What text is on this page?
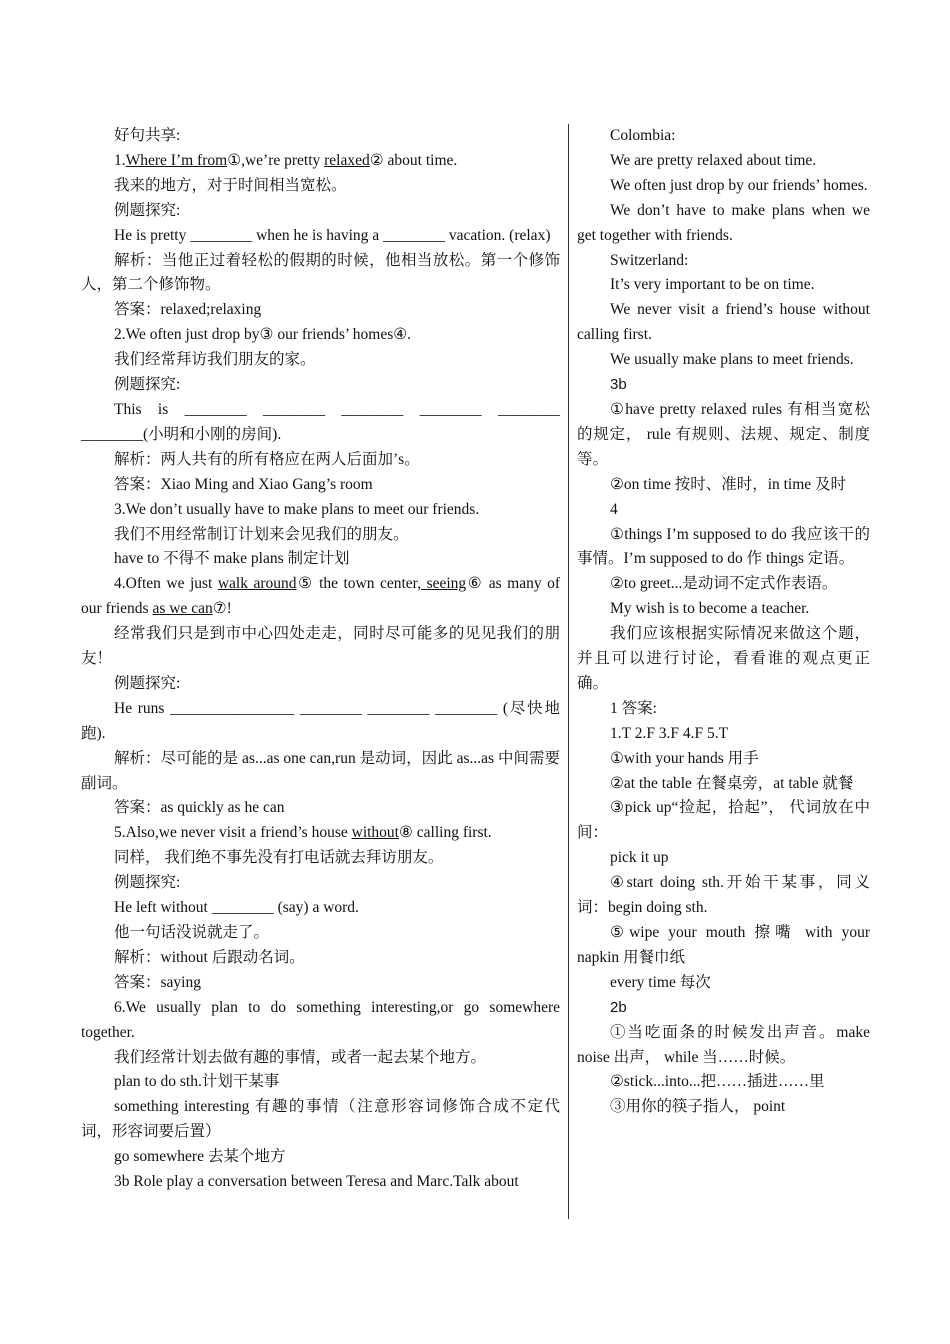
好句共享:

1.Where I’m from①,we’re pretty relaxed② about time.

我来的地方，对于时间相当宽松。

例题探究:

He is pretty ________ when he is having a ________ vacation. (relax)

解析：当他正过着轻松的假期的时候，他相当放松。第一个修饰人，第二个修饰物。

答案：relaxed;relaxing

2.We often just drop by③ our friends’ homes④.

我们经常拜访我们朋友的家。

例题探究:

This is ________ ________ ________ ________ ________ ________(小明和小刚的房间).

解析：两人共有的所有格应在两人后面加’s。

答案：Xiao Ming and Xiao Gang’s room

3.We don’t usually have to make plans to meet our friends.

我们不用经常制订计划来会见我们的朋友。

have to 不得不 make plans 制定计划

4.Often we just walk around⑤ the town center, seeing⑥ as many of our friends as we can⑦!

经常我们只是到市中心四处走走，同时尽可能多的见见我们的朋友！

例题探究:

He runs ________________ ________ ________ ________ (尽快地跑).

解析：尽可能的是 as...as one can,run 是动词，因此 as...as 中间需要副词。

答案：as quickly as he can

5.Also,we never visit a friend’s house without⑧ calling first.

同样， 我们绝不事先没有打电话就去拜访朋友。

例题探究:

He left without ________ (say) a word.

他一句话没说就走了。

解析：without 后跟动名词。

答案：saying

6.We usually plan to do something interesting,or go somewhere together.

我们经常计划去做有趣的事情，或者一起去某个地方。

plan to do sth.计划干某事

something interesting 有趣的事情（注意形容词修饰合成不定代词，形容词要后置）

go somewhere 去某个地方

3b Role play a conversation between Teresa and Marc.Talk about

Colombia:

We are pretty relaxed about time.

We often just drop by our friends’ homes.

We don’t have to make plans when we get together with friends.

Switzerland:

It’s very important to be on time.

We never visit a friend’s house without calling first.

We usually make plans to meet friends.

3b

①have pretty relaxed rules 有相当宽松的规定， rule 有规则、法规、规定、制度等。

②on time 按时、准时，in time 及时

4

①things I’m supposed to do 我应该干的事情。I’m supposed to do 作 things 定语。

②to greet...是动词不定式作表语。

My wish is to become a teacher.

我们应该根据实际情况来做这个题，并且可以进行讨论，看看谁的观点更正确。

1 答案:

1.T 2.F 3.F 4.F 5.T

①with your hands 用手

②at the table 在餐桌旁，at table 就餐

③pick up“捡起，拾起”， 代词放在中间：

pick it up

④start doing sth.开始干某事，同义词：begin doing sth.

⑤wipe your mouth 擦嘴 with your napkin 用餐巾纸

every time 每次

2b

①当吃面条的时候发出声音。make noise 出声， while 当……时候。

②stick...into...把……插进……里

③用你的筷子指人， point
